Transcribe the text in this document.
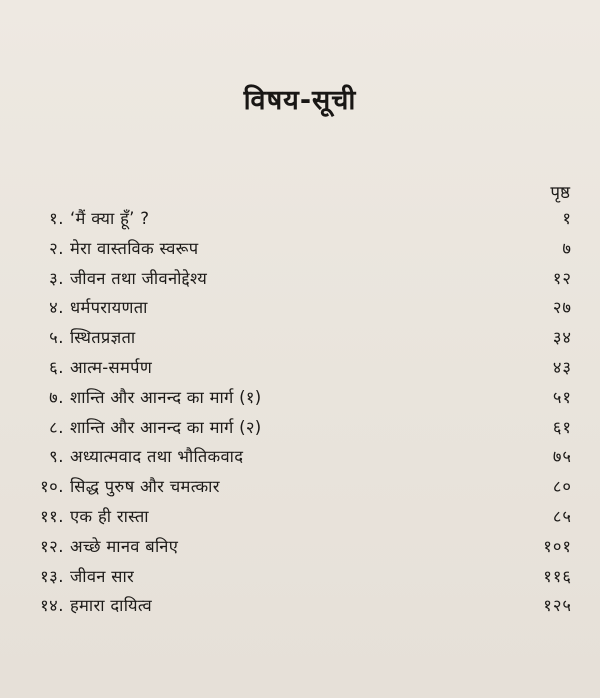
विषय-सूची
पृष्ठ
१. ‘मैं क्या हूँ’ ?	१
२. मेरा वास्तविक स्वरूप	७
३. जीवन तथा जीवनोद्देश्य	१२
४. धर्मपरायणता	२७
५. स्थितप्रज्ञता	३४
६. आत्म-समर्पण	४३
७. शान्ति और आनन्द का मार्ग (१)	५१
८. शान्ति और आनन्द का मार्ग (२)	६१
९. अध्यात्मवाद तथा भौतिकवाद	७५
१०. सिद्ध पुरुष और चमत्कार	८०
११. एक ही रास्ता	८५
१२. अच्छे मानव बनिए	१०१
१३. जीवन सार	११६
१४. हमारा दायित्व	१२५
